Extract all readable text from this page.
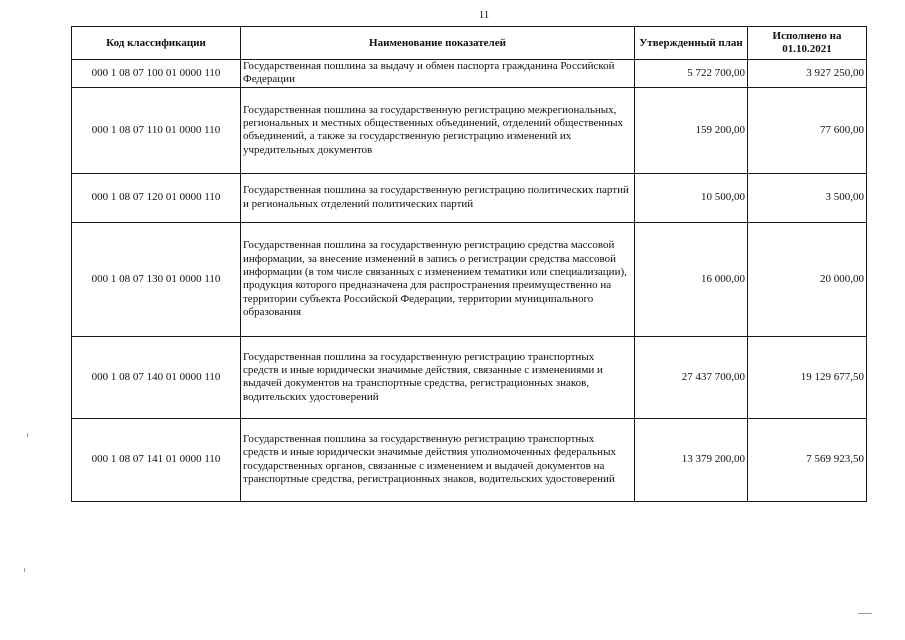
11
Код классификации	Наименование показателей	Утвержденный план	Исполнено на 01.10.2021
000 1 08 07 100 01 0000 110	Государственная пошлина за выдачу и обмен паспорта гражданина Российской Федерации	5 722 700,00	3 927 250,00
000 1 08 07 110 01 0000 110	Государственная пошлина за государственную регистрацию межрегиональных, региональных и местных общественных объединений, отделений общественных объединений, а также за государственную регистрацию изменений их учредительных документов	159 200,00	77 600,00
000 1 08 07 120 01 0000 110	Государственная пошлина за государственную регистрацию политических партий и региональных отделений политических партий	10 500,00	3 500,00
000 1 08 07 130 01 0000 110	Государственная пошлина за государственную регистрацию средства массовой информации, за внесение изменений в запись о регистрации средства массовой информации (в том числе связанных с изменением тематики или специализации), продукция которого предназначена для распространения преимущественно на территории субъекта Российской Федерации, территории муниципального образования	16 000,00	20 000,00
000 1 08 07 140 01 0000 110	Государственная пошлина за государственную регистрацию транспортных средств и иные юридически значимые действия, связанные с изменениями и выдачей документов на транспортные средства, регистрационных знаков, водительских удостоверений	27 437 700,00	19 129 677,50
000 1 08 07 141 01 0000 110	Государственная пошлина за государственную регистрацию транспортных средств и иные юридически значимые действия уполномоченных федеральных государственных органов, связанные с изменением и выдачей документов на транспортные средства, регистрационных знаков, водительских удостоверений	13 379 200,00	7 569 923,50
